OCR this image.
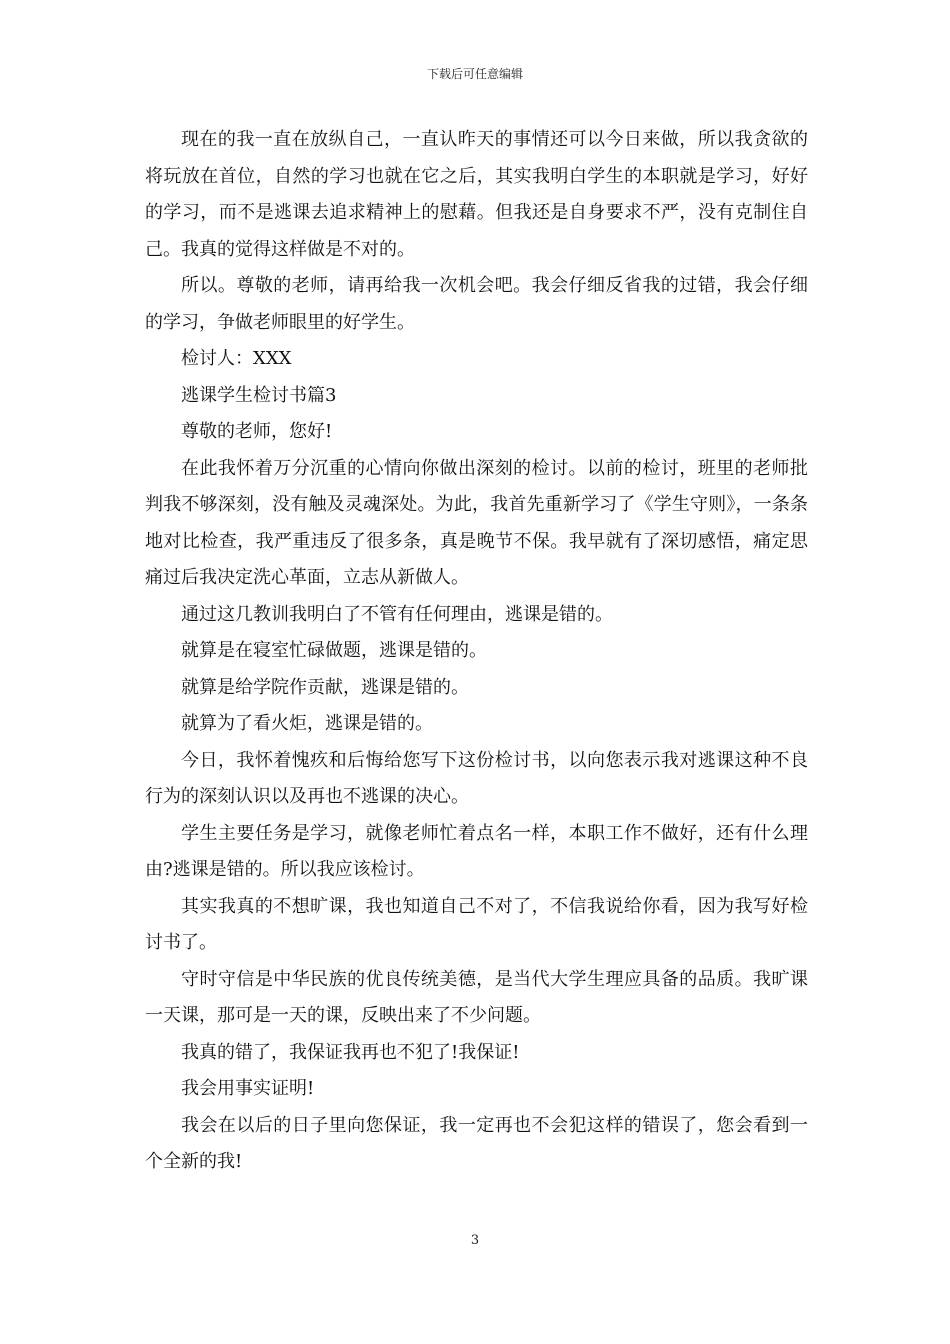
下载后可任意编辑

现在的我一直在放纵自己，一直认昨天的事情还可以今日来做，所以我贪欲的将玩放在首位，自然的学习也就在它之后，其实我明白学生的本职就是学习，好好的学习，而不是逃课去追求精神上的慰藉。但我还是自身要求不严，没有克制住自己。我真的觉得这样做是不对的。

所以。尊敬的老师，请再给我一次机会吧。我会仔细反省我的过错，我会仔细的学习，争做老师眼里的好学生。

检讨人：XXX

逃课学生检讨书篇3

尊敬的老师，您好!

在此我怀着万分沉重的心情向你做出深刻的检讨。以前的检讨，班里的老师批判我不够深刻，没有触及灵魂深处。为此，我首先重新学习了《学生守则》，一条条地对比检查，我严重违反了很多条，真是晚节不保。我早就有了深切感悟，痛定思痛过后我决定洗心革面，立志从新做人。

通过这几教训我明白了不管有任何理由，逃课是错的。

就算是在寝室忙碌做题，逃课是错的。

就算是给学院作贡献，逃课是错的。

就算为了看火炬，逃课是错的。

今日，我怀着愧疚和后悔给您写下这份检讨书，以向您表示我对逃课这种不良行为的深刻认识以及再也不逃课的决心。

学生主要任务是学习，就像老师忙着点名一样，本职工作不做好，还有什么理由?逃课是错的。所以我应该检讨。

其实我真的不想旷课，我也知道自己不对了，不信我说给你看，因为我写好检讨书了。

守时守信是中华民族的优良传统美德，是当代大学生理应具备的品质。我旷课一天课，那可是一天的课，反映出来了不少问题。

我真的错了，我保证我再也不犯了!我保证!

我会用事实证明!

我会在以后的日子里向您保证，我一定再也不会犯这样的错误了，您会看到一个全新的我!

3
